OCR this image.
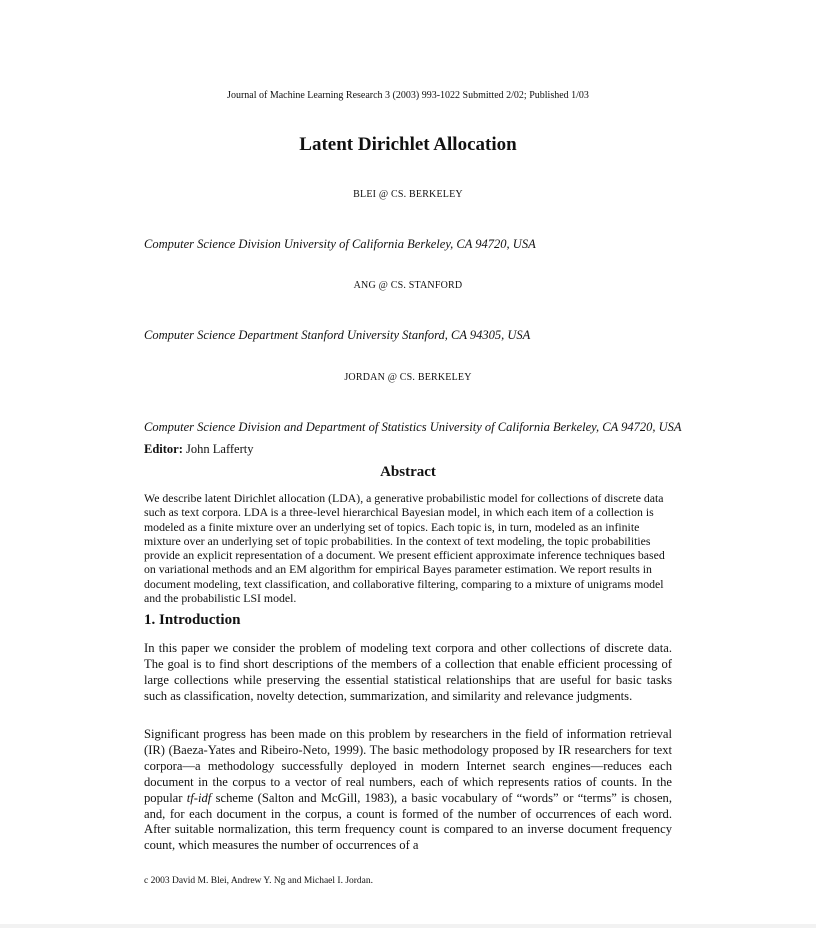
Journal of Machine Learning Research 3 (2003) 993-1022 Submitted 2/02; Published 1/03
Latent Dirichlet Allocation
BLEI @ CS. BERKELEY
Computer Science Division University of California Berkeley, CA 94720, USA
ANG @ CS. STANFORD
Computer Science Department Stanford University Stanford, CA 94305, USA
JORDAN @ CS. BERKELEY
Computer Science Division and Department of Statistics University of California Berkeley, CA 94720, USA
Editor: John Lafferty
Abstract
We describe latent Dirichlet allocation (LDA), a generative probabilistic model for collections of discrete data such as text corpora. LDA is a three-level hierarchical Bayesian model, in which each item of a collection is modeled as a finite mixture over an underlying set of topics. Each topic is, in turn, modeled as an infinite mixture over an underlying set of topic probabilities. In the context of text modeling, the topic probabilities provide an explicit representation of a document. We present efficient approximate inference techniques based on variational methods and an EM algorithm for empirical Bayes parameter estimation. We report results in document modeling, text classification, and collaborative filtering, comparing to a mixture of unigrams model and the probabilistic LSI model.
1. Introduction
In this paper we consider the problem of modeling text corpora and other collections of discrete data. The goal is to find short descriptions of the members of a collection that enable efficient processing of large collections while preserving the essential statistical relationships that are useful for basic tasks such as classification, novelty detection, summarization, and similarity and relevance judgments.
Significant progress has been made on this problem by researchers in the field of information retrieval (IR) (Baeza-Yates and Ribeiro-Neto, 1999). The basic methodology proposed by IR researchers for text corpora—a methodology successfully deployed in modern Internet search engines—reduces each document in the corpus to a vector of real numbers, each of which represents ratios of counts. In the popular tf-idf scheme (Salton and McGill, 1983), a basic vocabulary of “words” or “terms” is chosen, and, for each document in the corpus, a count is formed of the number of occurrences of each word. After suitable normalization, this term frequency count is compared to an inverse document frequency count, which measures the number of occurrences of a
c 2003 David M. Blei, Andrew Y. Ng and Michael I. Jordan.
